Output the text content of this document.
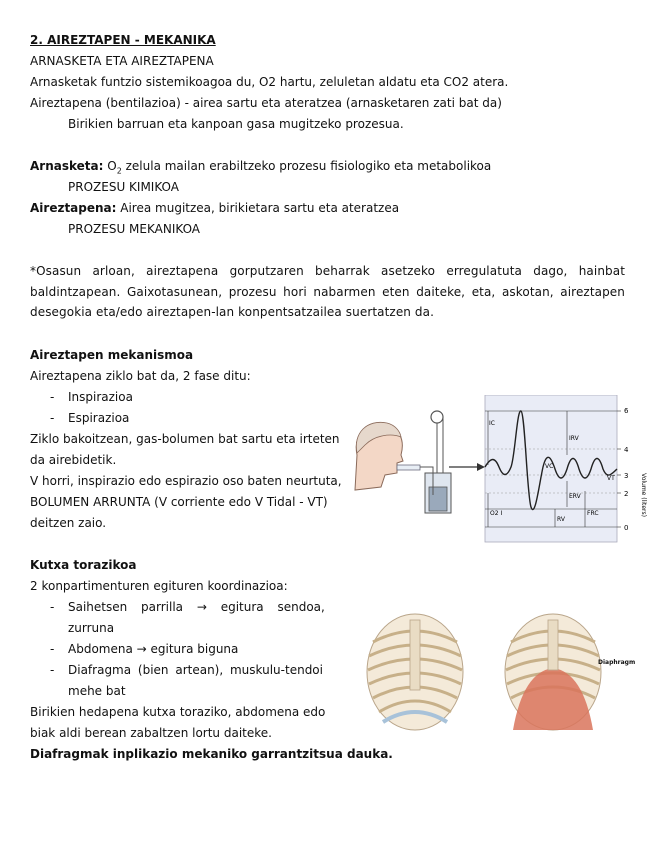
2. AIREZTAPEN - MEKANIKA
ARNASKETA ETA AIREZTAPENA
Arnasketak funtzio sistemikoagoa du, O2 hartu, zeluletan aldatu eta CO2 atera.
Aireztapena (bentilazioa) - airea sartu eta ateratzea (arnasketaren zati bat da)
Birikien barruan eta kanpoan gasa mugitzeko prozesua.
Arnasketa: $O_2$ zelula mailan erabiltzeko prozesu fisiologiko eta metabolikoa
PROZESU KIMIKOA
Aireztapena: Airea mugitzea, birikietara sartu eta ateratzea
PROZESU MEKANIKOA
*Osasun arloan, aireztapena gorputzaren beharrak asetzeko erregulatuta dago, hainbat baldintzapean. Gaixotasunean, prozesu hori nabarmen eten daiteke, eta, askotan, aireztapen desegokia eta/edo aireztapen-lan konpentsatzailea suertatzen da.
Aireztapen mekanismoa
Aireztapena ziklo bat da, 2 fase ditu:
- Inspirazioa
- Espirazioa
Ziklo bakoitzean, gas-bolumen bat sartu eta irteten
da airebidetik.
V horri, inspirazio edo espirazio oso baten neurtuta,
BOLUMEN ARRUNTA (V corriente edo V Tidal - VT)
deitzen zaio.
IC
O2 I
IRV
VC
VT
ERV
FRC
RV
6
4
3
2
0
Volume (liters)
Kutxa torazikoa
2 konpartimenturen egituren koordinazioa:
- Saihetsen parrilla → egitura sendoa,
zurruna
- Abdomena → egitura biguna
- Diafragma (bien artean), muskulu-tendoi
mehe bat
Birikien hedapena kutxa toraziko, abdomena edo
biak aldi berean zabaltzen lortu daiteke.
Diafragmak inplikazio mekaniko garrantzitsua dauka.
Diaphragm
